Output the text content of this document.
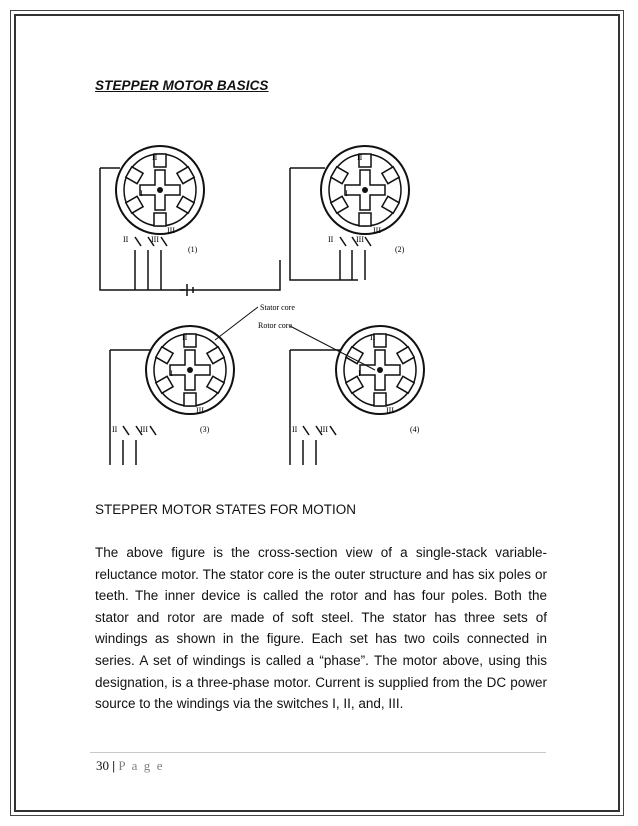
STEPPER MOTOR BASICS
II	III
I
II
III
(1)
II	III
I
II
III
(2)
Stator core
II	III
I
II
III
(3)
Rotor core
II	III
I
II
III
(4)
STEPPER MOTOR STATES FOR MOTION

The above figure is the cross-section view of a single-stack variable-reluctance motor. The stator core is the outer structure and has six poles or teeth. The inner device is called the rotor and has four poles. Both the stator and rotor are made of soft steel. The stator has three sets of windings as shown in the figure. Each set has two coils connected in series. A set of windings is called a “phase”. The motor above, using this designation, is a three-phase motor. Current is supplied from the DC power source to the windings via the switches I, II, and, III.

30 | P a g e
